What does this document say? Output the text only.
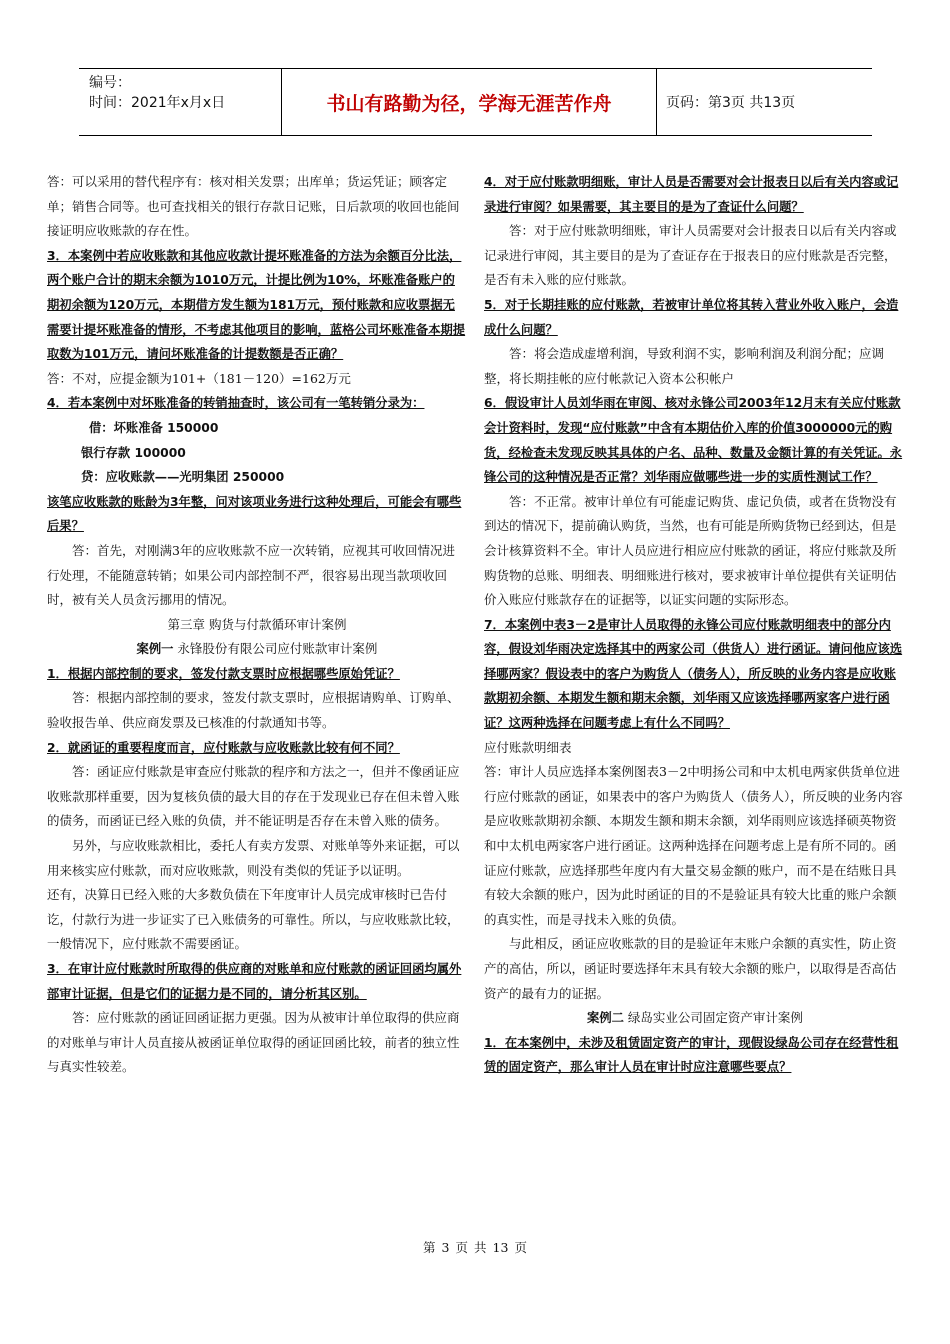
编号：
时间：2021年x月x日	书山有路勤为径，学海无涯苦作舟	页码：第3页 共13页

答：可以采用的替代程序有：核对相关发票；出库单；货运凭证；顾客定单；销售合同等。也可查找相关的银行存款日记账，日后款项的收回也能间接证明应收账款的存在性。

3．本案例中若应收账款和其他应收款计提坏账准备的方法为余额百分比法，两个账户合计的期末余额为1010万元，计提比例为10%，坏账准备账户的期初余额为120万元，本期借方发生额为181万元，预付账款和应收票据无需要计提坏账准备的情形，不考虑其他项目的影响，蓝格公司坏账准备本期提取数为101万元，请问坏账准备的计提数额是否正确？

答：不对，应提金额为101+（181－120）=162万元

4．若本案例中对坏账准备的转销抽查时，该公司有一笔转销分录为：

借：坏账准备 150000

银行存款 100000

贷：应收账款——光明集团 250000

该笔应收账款的账龄为3年整，问对该项业务进行这种处理后，可能会有哪些后果？

答：首先，对刚满3年的应收账款不应一次转销，应视其可收回情况进行处理，不能随意转销；如果公司内部控制不严，很容易出现当款项收回时，被有关人员贪污挪用的情况。

第三章 购货与付款循环审计案例

案例一 永锋股份有限公司应付账款审计案例

1．根据内部控制的要求，签发付款支票时应根据哪些原始凭证？

答：根据内部控制的要求，签发付款支票时，应根据请购单、订购单、验收报告单、供应商发票及已核准的付款通知书等。

2．就函证的重要程度而言，应付账款与应收账款比较有何不同？

答：函证应付账款是审查应付账款的程序和方法之一，但并不像函证应收账款那样重要，因为复核负债的最大目的存在于发现业已存在但未曾入账的债务，而函证已经入账的负债，并不能证明是否存在未曾入账的债务。

另外，与应收账款相比，委托人有卖方发票、对账单等外来证据，可以用来核实应付账款，而对应收账款，则没有类似的凭证予以证明。

还有，决算日已经入账的大多数负债在下年度审计人员完成审核时已告付讫，付款行为进一步证实了已入账债务的可靠性。所以，与应收账款比较，一般情况下，应付账款不需要函证。

3．在审计应付账款时所取得的供应商的对账单和应付账款的函证回函均属外部审计证据，但是它们的证据力是不同的，请分析其区别。

答：应付账款的函证回函证据力更强。因为从被审计单位取得的供应商的对账单与审计人员直接从被函证单位取得的函证回函比较，前者的独立性与真实性较差。

4．对于应付账款明细账，审计人员是否需要对会计报表日以后有关内容或记录进行审阅？如果需要，其主要目的是为了查证什么问题？

答：对于应付账款明细账，审计人员需要对会计报表日以后有关内容或记录进行审阅，其主要目的是为了查证存在于报表日的应付账款是否完整，是否有未入账的应付账款。

5．对于长期挂账的应付账款，若被审计单位将其转入营业外收入账户，会造成什么问题？

答：将会造成虚增利润，导致利润不实，影响利润及利润分配；应调整，将长期挂帐的应付帐款记入资本公积帐户

6．假设审计人员刘华雨在审阅、核对永锋公司2003年12月末有关应付账款会计资料时，发现“应付账款”中含有本期估价入库的价值3000000元的购货，经检查未发现反映其具体的户名、品种、数量及金额计算的有关凭证。永锋公司的这种情况是否正常？刘华雨应做哪些进一步的实质性测试工作？

答：不正常。被审计单位有可能虚记购货、虚记负债，或者在货物没有到达的情况下，提前确认购货，当然，也有可能是所购货物已经到达，但是会计核算资料不全。审计人员应进行相应应付账款的函证，将应付账款及所购货物的总账、明细表、明细账进行核对，要求被审计单位提供有关证明估价入账应付账款存在的证据等，以证实问题的实际形态。

7．本案例中表3－2是审计人员取得的永锋公司应付账款明细表中的部分内容，假设刘华雨决定选择其中的两家公司（供货人）进行函证。请问他应该选择哪两家？假设表中的客户为购货人（债务人），所反映的业务内容是应收账款期初余额、本期发生额和期末余额，刘华雨又应该选择哪两家客户进行函证？这两种选择在问题考虑上有什么不同吗？

应付账款明细表

答：审计人员应选择本案例图表3－2中明扬公司和中太机电两家供货单位进行应付账款的函证，如果表中的客户为购货人（债务人），所反映的业务内容是应收账款期初余额、本期发生额和期末余额，刘华雨则应该选择硕英物资和中太机电两家客户进行函证。这两种选择在问题考虑上是有所不同的。函证应付账款，应选择那些年度内有大量交易金额的账户，而不是在结账日具有较大余额的账户，因为此时函证的目的不是验证具有较大比重的账户余额的真实性，而是寻找未入账的负债。

与此相反，函证应收账款的目的是验证年末账户余额的真实性，防止资产的高估，所以，函证时要选择年末具有较大余额的账户，以取得是否高估资产的最有力的证据。

案例二 绿岛实业公司固定资产审计案例

1．在本案例中，未涉及租赁固定资产的审计，现假设绿岛公司存在经营性租赁的固定资产，那么审计人员在审计时应注意哪些要点？

第 3 页 共 13 页
